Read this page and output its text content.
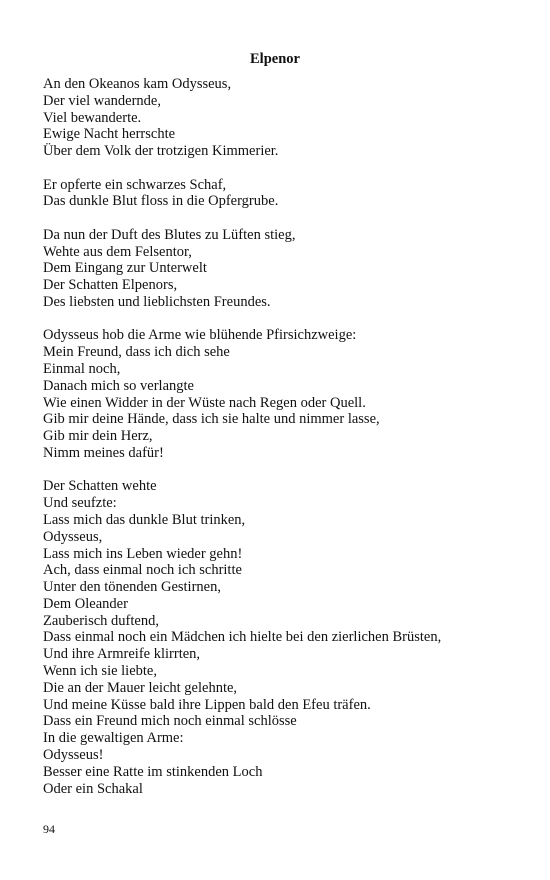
Elpenor
An den Okeanos kam Odysseus,
Der viel wandernde,
Viel bewanderte.
Ewige Nacht herrschte
Über dem Volk der trotzigen Kimmerier.
Er opferte ein schwarzes Schaf,
Das dunkle Blut floss in die Opfergrube.
Da nun der Duft des Blutes zu Lüften stieg,
Wehte aus dem Felsentor,
Dem Eingang zur Unterwelt
Der Schatten Elpenors,
Des liebsten und lieblichsten Freundes.
Odysseus hob die Arme wie blühende Pfirsichzweige:
Mein Freund, dass ich dich sehe
Einmal noch,
Danach mich so verlangte
Wie einen Widder in der Wüste nach Regen oder Quell.
Gib mir deine Hände, dass ich sie halte und nimmer lasse,
Gib mir dein Herz,
Nimm meines dafür!
Der Schatten wehte
Und seufzte:
Lass mich das dunkle Blut trinken,
Odysseus,
Lass mich ins Leben wieder gehn!
Ach, dass einmal noch ich schritte
Unter den tönenden Gestirnen,
Dem Oleander
Zauberisch duftend,
Dass einmal noch ein Mädchen ich hielte bei den zierlichen Brüsten,
Und ihre Armreife klirrten,
Wenn ich sie liebte,
Die an der Mauer leicht gelehnte,
Und meine Küsse bald ihre Lippen bald den Efeu träfen.
Dass ein Freund mich noch einmal schlösse
In die gewaltigen Arme:
Odysseus!
Besser eine Ratte im stinkenden Loch
Oder ein Schakal
94
